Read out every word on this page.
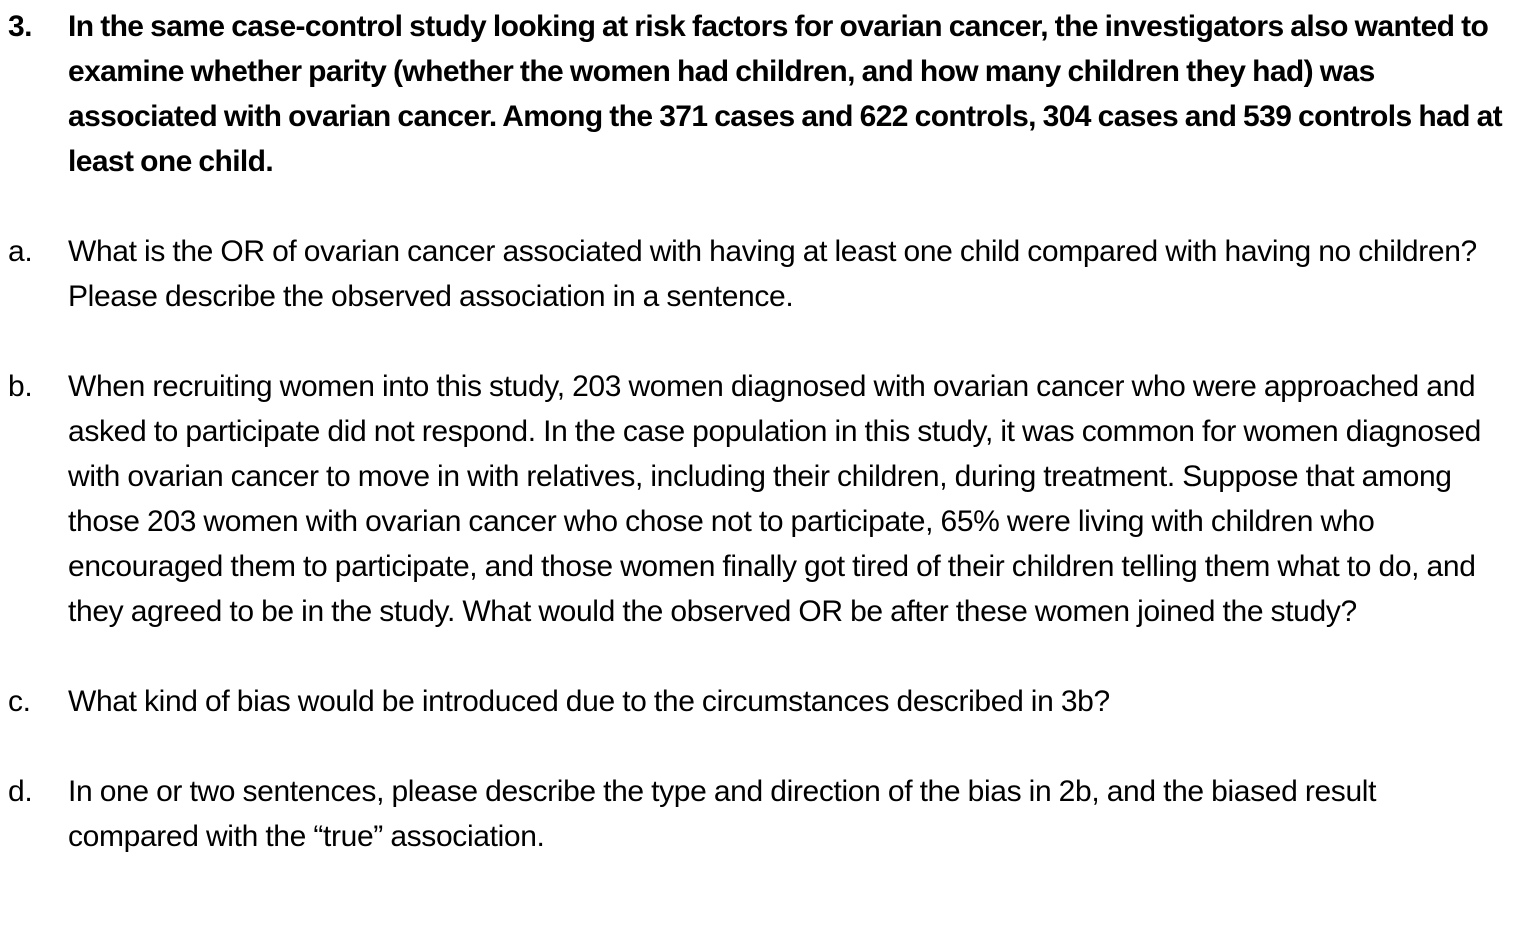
3. In the same case-control study looking at risk factors for ovarian cancer, the investigators also wanted to examine whether parity (whether the women had children, and how many children they had) was associated with ovarian cancer. Among the 371 cases and 622 controls, 304 cases and 539 controls had at least one child.
a. What is the OR of ovarian cancer associated with having at least one child compared with having no children? Please describe the observed association in a sentence.
b. When recruiting women into this study, 203 women diagnosed with ovarian cancer who were approached and asked to participate did not respond. In the case population in this study, it was common for women diagnosed with ovarian cancer to move in with relatives, including their children, during treatment. Suppose that among those 203 women with ovarian cancer who chose not to participate, 65% were living with children who encouraged them to participate, and those women finally got tired of their children telling them what to do, and they agreed to be in the study. What would the observed OR be after these women joined the study?
c. What kind of bias would be introduced due to the circumstances described in 3b?
d. In one or two sentences, please describe the type and direction of the bias in 2b, and the biased result compared with the “true” association.
